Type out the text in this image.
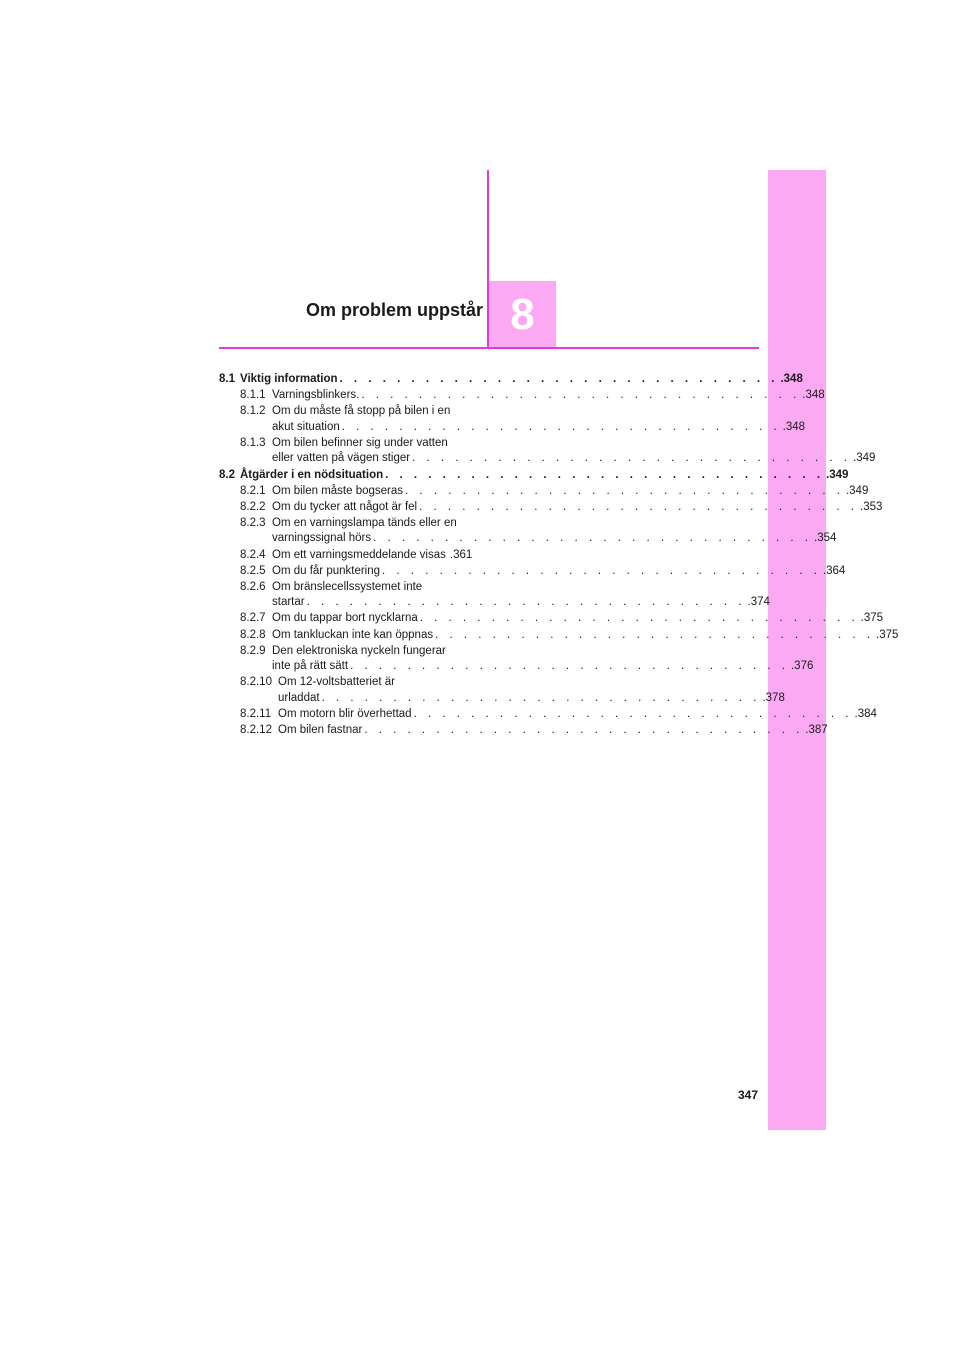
8
Om problem uppstår
8.1 Viktig information . . . . . . . . . . . . . . . . . . . . . . . . . . . . . . . .348
8.1.1 Varningsblinkers. . . . . . . . . . . . . . . . . . . . . . . . . . . . . . . . .348
8.1.2 Om du måste få stopp på bilen i en
akut situation . . . . . . . . . . . . . . . . . . . . . . . . . . . . . . . .348
8.1.3 Om bilen befinner sig under vatten
eller vatten på vägen stiger . . . . . . . . . . . . . . . . . . . . . . . . . . . . . . . .349
8.2 Åtgärder i en nödsituation . . . . . . . . . . . . . . . . . . . . . . . . . . . . . . . .349
8.2.1 Om bilen måste bogseras . . . . . . . . . . . . . . . . . . . . . . . . . . . . . . . .349
8.2.2 Om du tycker att något är fel . . . . . . . . . . . . . . . . . . . . . . . . . . . . . . . .353
8.2.3 Om en varningslampa tänds eller en
varningssignal hörs . . . . . . . . . . . . . . . . . . . . . . . . . . . . . . . .354
8.2.4 Om ett varningsmeddelande visas .361
8.2.5 Om du får punktering . . . . . . . . . . . . . . . . . . . . . . . . . . . . . . . .364
8.2.6 Om bränslecellssystemet inte
startar . . . . . . . . . . . . . . . . . . . . . . . . . . . . . . . .374
8.2.7 Om du tappar bort nycklarna . . . . . . . . . . . . . . . . . . . . . . . . . . . . . . . .375
8.2.8 Om tankluckan inte kan öppnas . . . . . . . . . . . . . . . . . . . . . . . . . . . . . . . .375
8.2.9 Den elektroniska nyckeln fungerar
inte på rätt sätt . . . . . . . . . . . . . . . . . . . . . . . . . . . . . . . .376
8.2.10 Om 12-voltsbatteriet är
urladdat . . . . . . . . . . . . . . . . . . . . . . . . . . . . . . . .378
8.2.11 Om motorn blir överhettad . . . . . . . . . . . . . . . . . . . . . . . . . . . . . . . .384
8.2.12 Om bilen fastnar . . . . . . . . . . . . . . . . . . . . . . . . . . . . . . . .387
347
